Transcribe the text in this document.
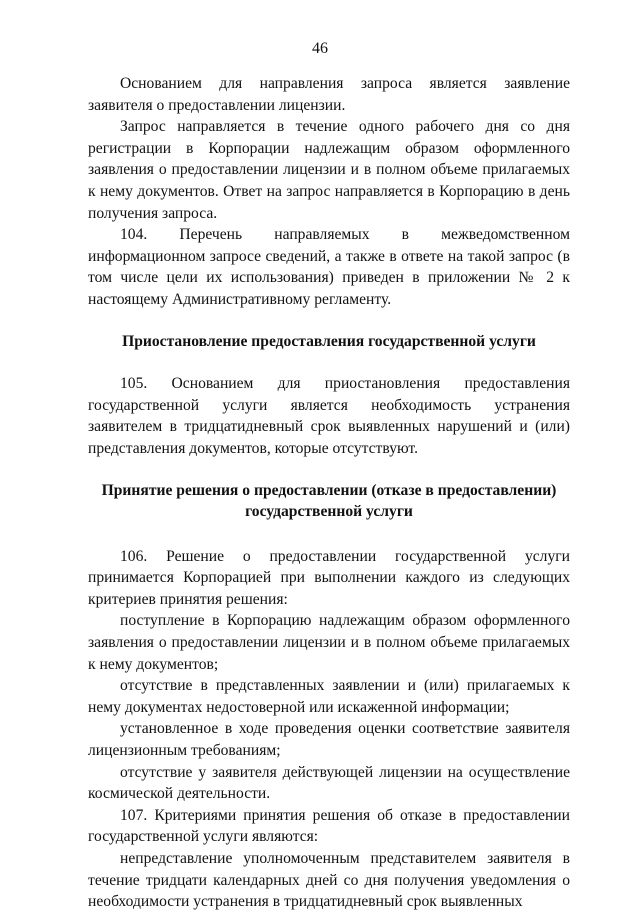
46

Основанием для направления запроса является заявление заявителя о предоставлении лицензии.

Запрос направляется в течение одного рабочего дня со дня регистрации в Корпорации надлежащим образом оформленного заявления о предоставлении лицензии и в полном объеме прилагаемых к нему документов. Ответ на запрос направляется в Корпорацию в день получения запроса.

104. Перечень направляемых в межведомственном информационном запросе сведений, а также в ответе на такой запрос (в том числе цели их использования) приведен в приложении № 2 к настоящему Административному регламенту.

Приостановление предоставления государственной услуги

105. Основанием для приостановления предоставления государственной услуги является необходимость устранения заявителем в тридцатидневный срок выявленных нарушений и (или) представления документов, которые отсутствуют.

Принятие решения о предоставлении (отказе в предоставлении)
государственной услуги

106. Решение о предоставлении государственной услуги принимается Корпорацией при выполнении каждого из следующих критериев принятия решения:

поступление в Корпорацию надлежащим образом оформленного заявления о предоставлении лицензии и в полном объеме прилагаемых к нему документов;

отсутствие в представленных заявлении и (или) прилагаемых к нему документах недостоверной или искаженной информации;

установленное в ходе проведения оценки соответствие заявителя лицензионным требованиям;

отсутствие у заявителя действующей лицензии на осуществление космической деятельности.

107. Критериями принятия решения об отказе в предоставлении государственной услуги являются:

непредставление уполномоченным представителем заявителя в течение тридцати календарных дней со дня получения уведомления о необходимости устранения в тридцатидневный срок выявленных
